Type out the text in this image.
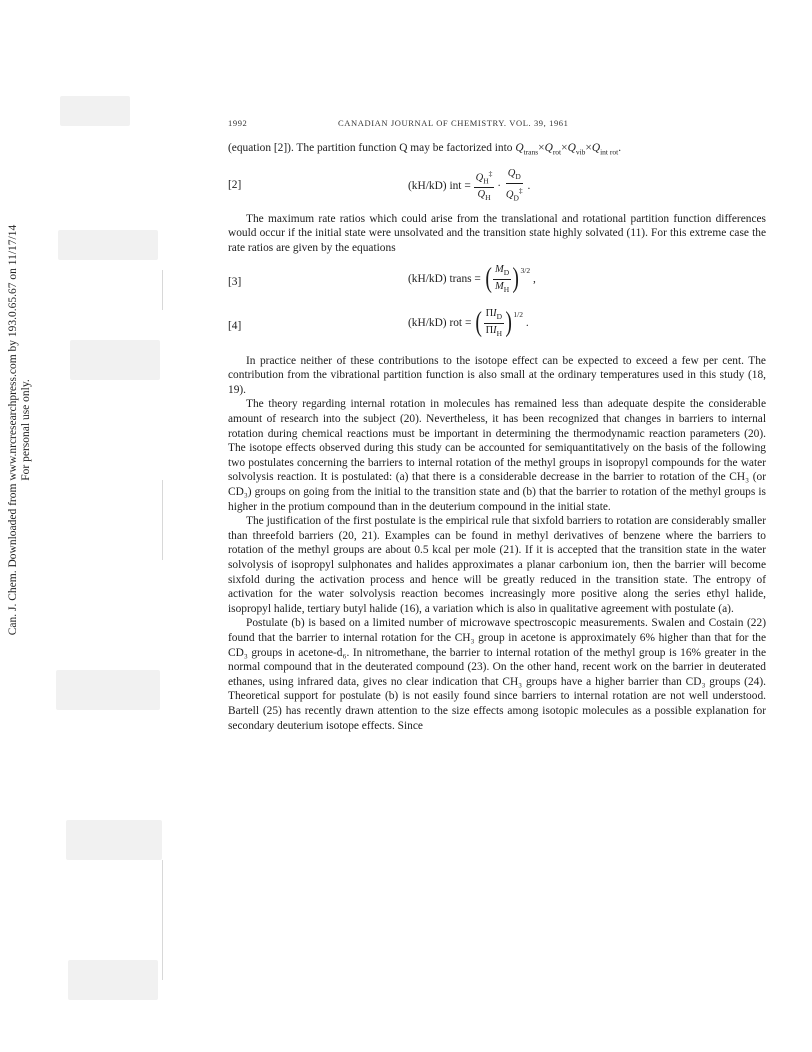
Can. J. Chem. Downloaded from www.nrcresearchpress.com by 193.0.65.67 on 11/17/14 For personal use only.
1992	CANADIAN JOURNAL OF CHEMISTRY. VOL. 39, 1961

(equation [2]). The partition function Q may be factorized into $Q_{trans}\times Q_{rot}\times Q_{vib}\times Q_{int rot}$.

[2]	(kH/kD) int =
$\frac{Q_H^\ddagger}{Q_H} \cdot \frac{Q_D}{Q_D^\ddagger}$ .

The maximum rate ratios which could arise from the translational and rotational partition function differences would occur if the initial state were unsolvated and the transition state highly solvated (11). For this extreme case the rate ratios are given by the equations

[3]	(kH/kD) trans =
( $\frac{M_D}{M_H} )^{3/2}$
,
[4]	(kH/kD) rot =
( $\frac{\Pi I_D}{\Pi I_H} )^{1/2}$
.

In practice neither of these contributions to the isotope effect can be expected to exceed a few per cent. The contribution from the vibrational partition function is also small at the ordinary temperatures used in this study (18, 19).

The theory regarding internal rotation in molecules has remained less than adequate despite the considerable amount of research into the subject (20). Nevertheless, it has been recognized that changes in barriers to internal rotation during chemical reactions must be important in determining the thermodynamic reaction parameters (20). The isotope effects observed during this study can be accounted for semiquantitatively on the basis of the following two postulates concerning the barriers to internal rotation of the methyl groups in isopropyl compounds for the water solvolysis reaction. It is postulated: (a) that there is a considerable decrease in the barrier to rotation of the CH₃ (or CD₃) groups on going from the initial to the transition state and (b) that the barrier to rotation of the methyl groups is higher in the protium compound than in the deuterium compound in the initial state.

The justification of the first postulate is the empirical rule that sixfold barriers to rotation are considerably smaller than threefold barriers (20, 21). Examples can be found in methyl derivatives of benzene where the barriers to rotation of the methyl groups are about 0.5 kcal per mole (21). If it is accepted that the transition state in the water solvolysis of isopropyl sulphonates and halides approximates a planar carbonium ion, then the barrier will become sixfold during the activation process and hence will be greatly reduced in the transition state. The entropy of activation for the water solvolysis reaction becomes increasingly more positive along the series ethyl halide, isopropyl halide, tertiary butyl halide (16), a variation which is also in qualitative agreement with postulate (a).

Postulate (b) is based on a limited number of microwave spectroscopic measurements. Swalen and Costain (22) found that the barrier to internal rotation for the CH₃ group in acetone is approximately 6% higher than that for the CD₃ groups in acetone-d₆. In nitromethane, the barrier to internal rotation of the methyl group is 16% greater in the normal compound that in the deuterated compound (23). On the other hand, recent work on the barrier in deuterated ethanes, using infrared data, gives no clear indication that CH₃ groups have a higher barrier than CD₃ groups (24). Theoretical support for postulate (b) is not easily found since barriers to internal rotation are not well understood. Bartell (25) has recently drawn attention to the size effects among isotopic molecules as a possible explanation for secondary deuterium isotope effects. Since
